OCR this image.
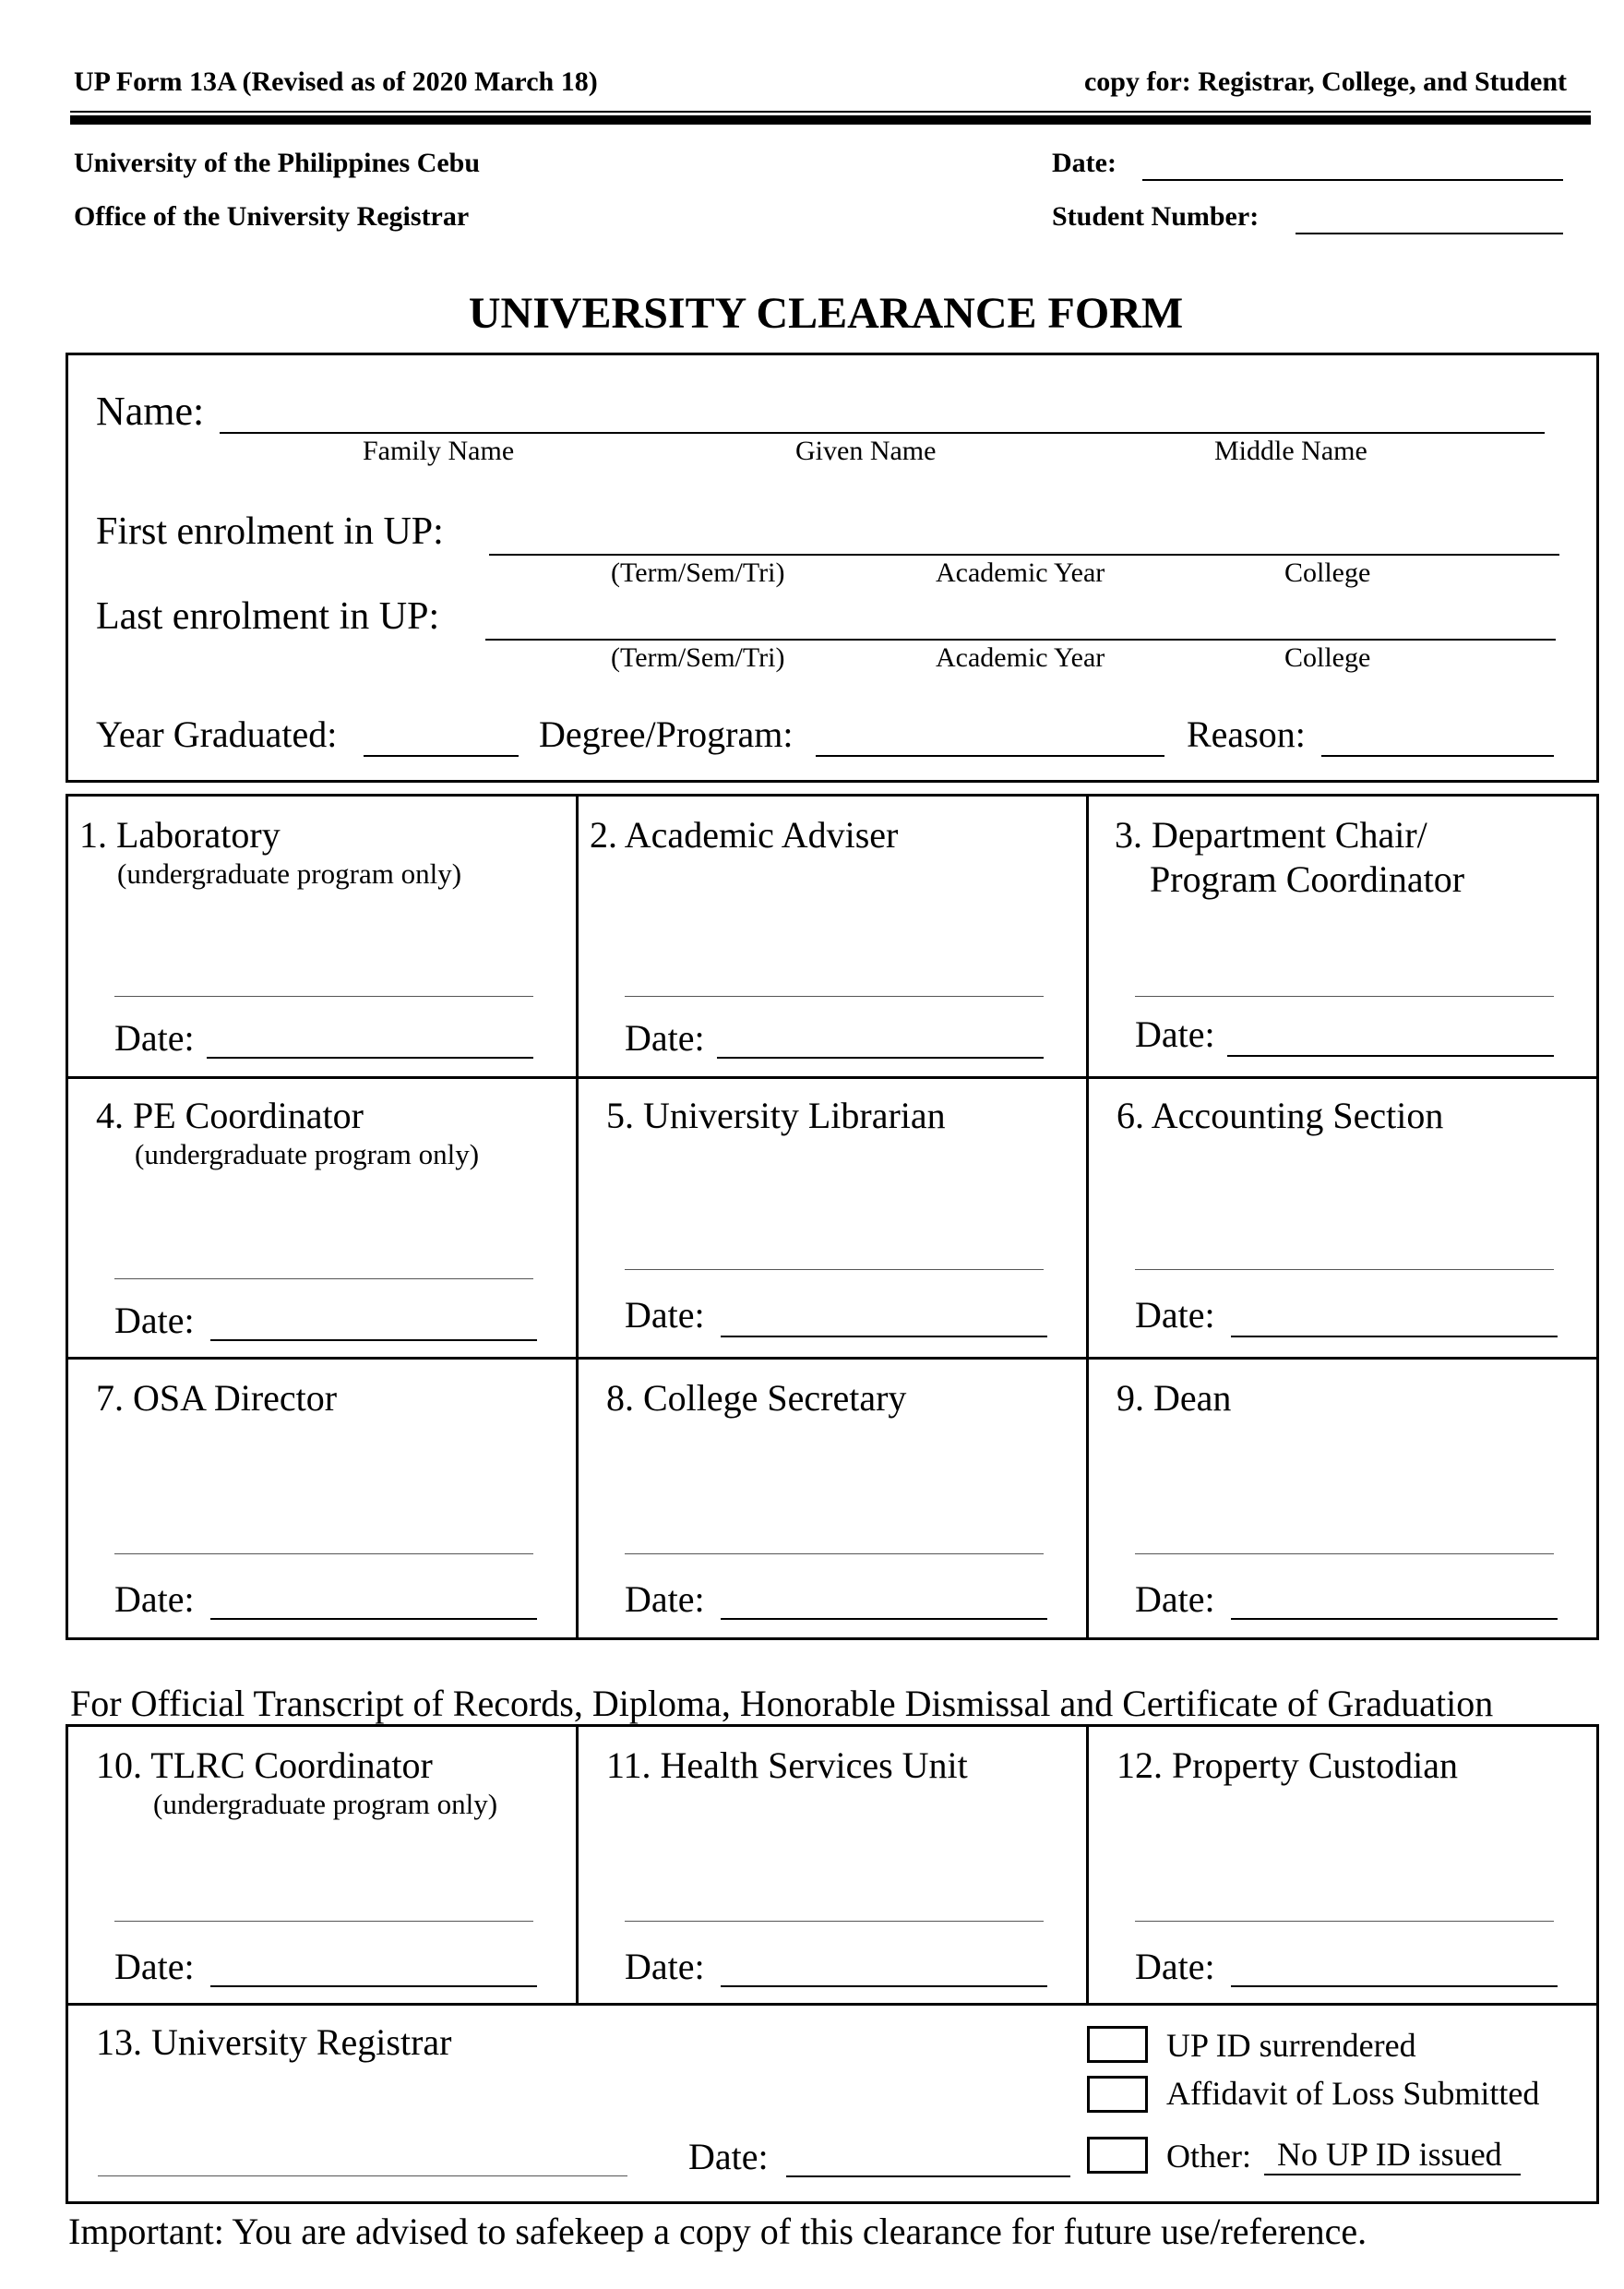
UP Form 13A (Revised as of 2020 March 18)	copy for: Registrar, College, and Student
University of the Philippines Cebu
Office of the University Registrar
Date:
Student Number:
UNIVERSITY CLEARANCE FORM
Name:
Family Name	Given Name	Middle Name
First enrolment in UP:
(Term/Sem/Tri)	Academic Year	College
Last enrolment in UP:
(Term/Sem/Tri)	Academic Year	College
Year Graduated:	Degree/Program:	Reason:
1. Laboratory
(undergraduate program only)
Date:
2. Academic Adviser
Date:
3. Department Chair/
Program Coordinator
Date:
4. PE Coordinator
(undergraduate program only)
Date:
5. University Librarian
Date:
6. Accounting Section
Date:
7. OSA Director
Date:
8. College Secretary
Date:
9. Dean
Date:
For Official Transcript of Records, Diploma, Honorable Dismissal and Certificate of Graduation
10. TLRC Coordinator
(undergraduate program only)
Date:
11. Health Services Unit
Date:
12. Property Custodian
Date:
13. University Registrar
Date:
UP ID surrendered
Affidavit of Loss Submitted
Other: No UP ID issued
Important: You are advised to safekeep a copy of this clearance for future use/reference.
